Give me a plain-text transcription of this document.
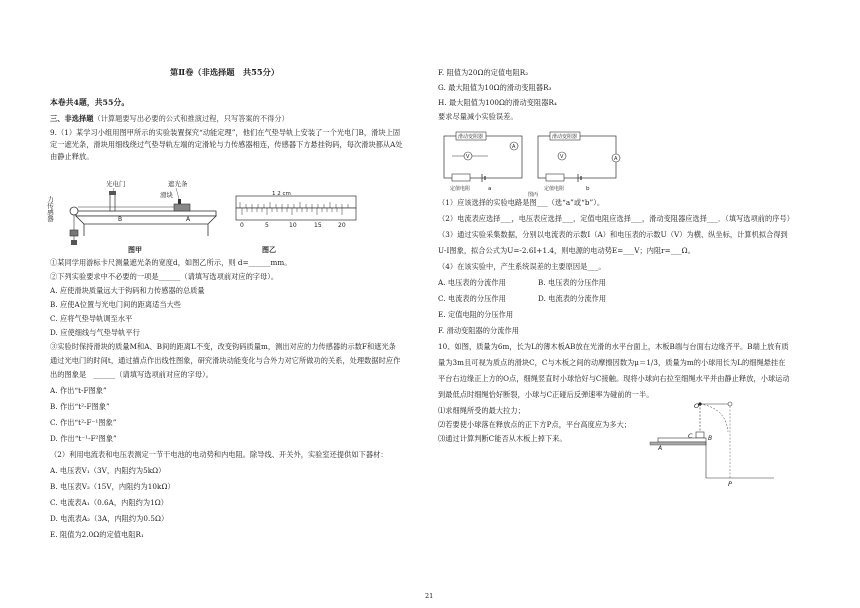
第Ⅱ卷（非选择题　共55分）
本卷共4题，共55分。
三、非选择题（计算题要写出必要的公式和推演过程，只写答案的不得分）
9.（1）某学习小组用图甲所示的实验装置探究“动能定理”，他们在气垫导轨上安装了一个光电门B，滑块上固
定一遮光条，滑块用细线绕过气垫导轨左端的定滑轮与力传感器相连，传感器下方悬挂钩码，每次滑块都从A处
由静止释放。
光电门	遮光条
滑块
力传感器	B	A
图甲
0	5	10	15	20
1 2 cm
图乙
①某同学用游标卡尺测量遮光条的宽度d，如图乙所示，则 d=______mm。
②下列实验要求中不必要的一项是______（请填写选项前对应的字母）。
A. 应使滑块质量远大于钩码和力传感器的总质量
B. 应使A位置与光电门间的距离适当大些
C. 应将气垫导轨调至水平
D. 应使细线与气垫导轨平行
③实验时保持滑块的质量M和A、B间的距离L不变，改变钩码质量m，测出对应的力传感器的示数F和遮光条
通过光电门的时间t，通过描点作出线性图象，研究滑块动能变化与合外力对它所做功的关系，处理数据时应作
出的图象是　______（请填写选项前对应的字母）。
A. 作出“t-F图象”
B. 作出“t²-F图象”
C. 作出“t²-F⁻¹图象”
D. 作出“t⁻¹-F²图象”
（2）利用电流表和电压表测定一节干电池的电动势和内电阻。除导线、开关外，实验室还提供如下器材：
A. 电压表V₁（3V，内阻约为5kΩ）
B. 电压表V₂（15V，内阻约为10kΩ）
C. 电流表A₁（0.6A，内阻约为1Ω）
D. 电流表A₂（3A，内阻约为0.5Ω）
E. 阻值为2.0Ω的定值电阻R₁
F. 阻值为20Ω的定值电阻R₂
G. 最大阻值为10Ω的滑动变阻器R₃
H. 最大阻值为100Ω的滑动变阻器R₄
要求尽量减小实验误差。
滑动变阻器
A
V
定值电阻	a
滑动变阻器
V	A
定值电阻	b
图丙
（1）应该选择的实验电路是图___（选“a”或“b”）。
（2）电流表应选择___，电压表应选择___，定值电阻应选择___，滑动变阻器应选择___．（填写选项前的序号）
（3）通过实验采集数据，分别以电流表的示数I（A）和电压表的示数U（V）为横、纵坐标，计算机拟合得到
U-I图象，拟合公式为U=-2.6I+1.4，则电源的电动势E=___V；内阻r=___Ω。
（4）在该实验中，产生系统误差的主要原因是___。
A. 电压表的分流作用	B. 电压表的分压作用
C. 电流表的分压作用	D. 电流表的分流作用
E. 定值电阻的分压作用
F. 滑动变阻器的分流作用
10、如图，质量为6m，长为L的薄木板AB放在光滑的水平台面上，木板B端与台面右边缘齐平。B端上放有质
量为3m且可视为质点的滑块C，C与木板之间的动摩擦因数为μ＝1/3，质量为m的小球用长为L的细绳悬挂在
平台右边缘正上方的O点，细绳竖直时小球恰好与C接触。现将小球向右拉至细绳水平并由静止释放，小球运动
到最低点时细绳恰好断裂，小球与C正碰后反弹速率为碰前的一半。
⑴求细绳所受的最大拉力；
⑵若要使小球落在释放点的正下方P点，平台高度应为多大；
⑶通过计算判断C能否从木板上掉下来。
O
C
A
B
P
21
